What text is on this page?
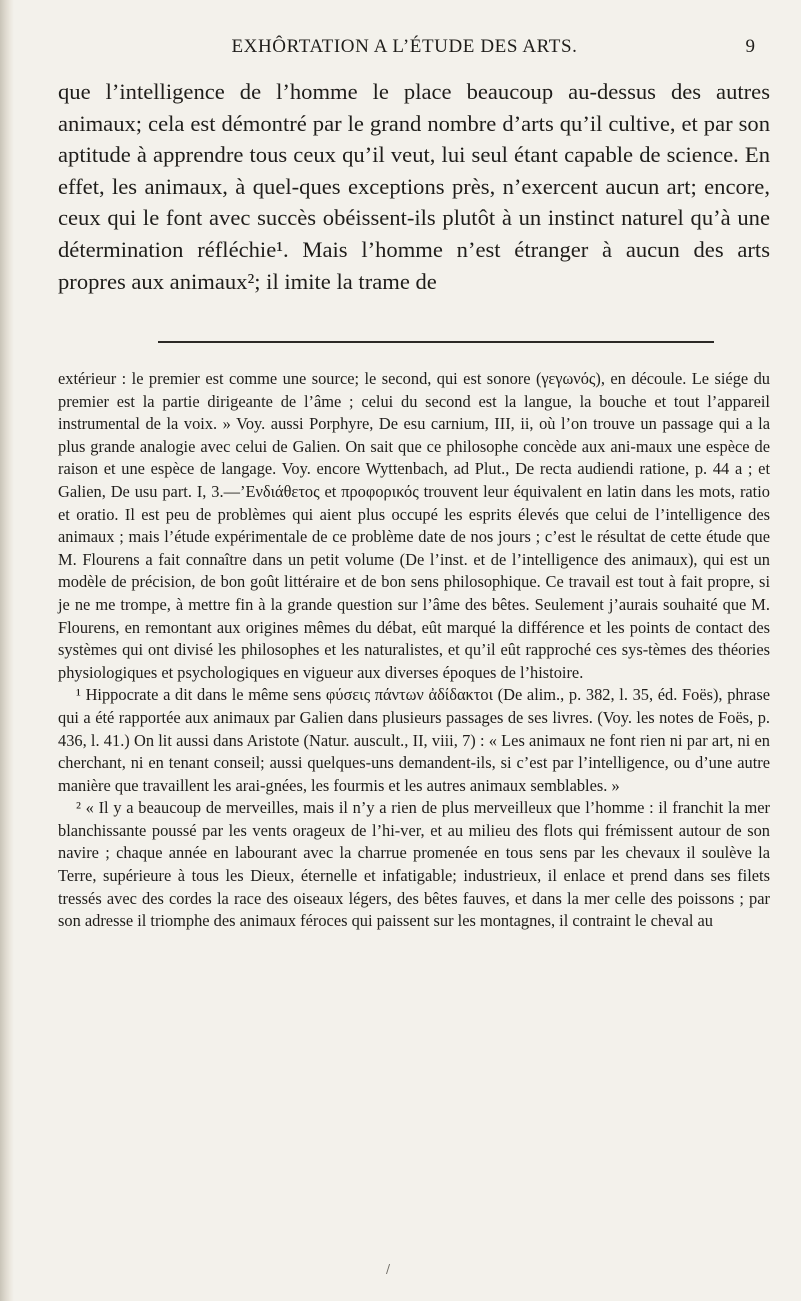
EXHÔRTATION A L’ÉTUDE DES ARTS.	9

que l’intelligence de l’homme le place beaucoup au-dessus des autres animaux; cela est démontré par le grand nombre d’arts qu’il cultive, et par son aptitude à apprendre tous ceux qu’il veut, lui seul étant capable de science. En effet, les animaux, à quel-ques exceptions près, n’exercent aucun art; encore, ceux qui le font avec succès obéissent-ils plutôt à un instinct naturel qu’à une détermination réfléchie¹. Mais l’homme n’est étranger à aucun des arts propres aux animaux²; il imite la trame de

extérieur : le premier est comme une source; le second, qui est sonore (γεγωνός), en découle. Le siége du premier est la partie dirigeante de l’âme ; celui du second est la langue, la bouche et tout l’appareil instrumental de la voix. » Voy. aussi Porphyre, De esu carnium, III, ii, où l’on trouve un passage qui a la plus grande analogie avec celui de Galien. On sait que ce philosophe concède aux ani-maux une espèce de raison et une espèce de langage. Voy. encore Wyttenbach, ad Plut., De recta audiendi ratione, p. 44 a ; et Galien, De usu part. I, 3.—’Ενδιάθετος et προφορικός trouvent leur équivalent en latin dans les mots, ratio et oratio. Il est peu de problèmes qui aient plus occupé les esprits élevés que celui de l’intelligence des animaux ; mais l’étude expérimentale de ce problème date de nos jours ; c’est le résultat de cette étude que M. Flourens a fait connaître dans un petit volume (De l’inst. et de l’intelligence des animaux), qui est un modèle de précision, de bon goût littéraire et de bon sens philosophique. Ce travail est tout à fait propre, si je ne me trompe, à mettre fin à la grande question sur l’âme des bêtes. Seulement j’aurais souhaité que M. Flourens, en remontant aux origines mêmes du débat, eût marqué la différence et les points de contact des systèmes qui ont divisé les philosophes et les naturalistes, et qu’il eût rapproché ces sys-tèmes des théories physiologiques et psychologiques en vigueur aux diverses époques de l’histoire.

¹ Hippocrate a dit dans le même sens φύσεις πάντων ἀδίδακτοι (De alim., p. 382, l. 35, éd. Foës), phrase qui a été rapportée aux animaux par Galien dans plusieurs passages de ses livres. (Voy. les notes de Foës, p. 436, l. 41.) On lit aussi dans Aristote (Natur. auscult., II, viii, 7) : « Les animaux ne font rien ni par art, ni en cherchant, ni en tenant conseil; aussi quelques-uns demandent-ils, si c’est par l’intelligence, ou d’une autre manière que travaillent les arai-gnées, les fourmis et les autres animaux semblables. »

² « Il y a beaucoup de merveilles, mais il n’y a rien de plus merveilleux que l’homme : il franchit la mer blanchissante poussé par les vents orageux de l’hi-ver, et au milieu des flots qui frémissent autour de son navire ; chaque année en labourant avec la charrue promenée en tous sens par les chevaux il soulève la Terre, supérieure à tous les Dieux, éternelle et infatigable; industrieux, il enlace et prend dans ses filets tressés avec des cordes la race des oiseaux légers, des bêtes fauves, et dans la mer celle des poissons ; par son adresse il triomphe des animaux féroces qui paissent sur les montagnes, il contraint le cheval au

/
